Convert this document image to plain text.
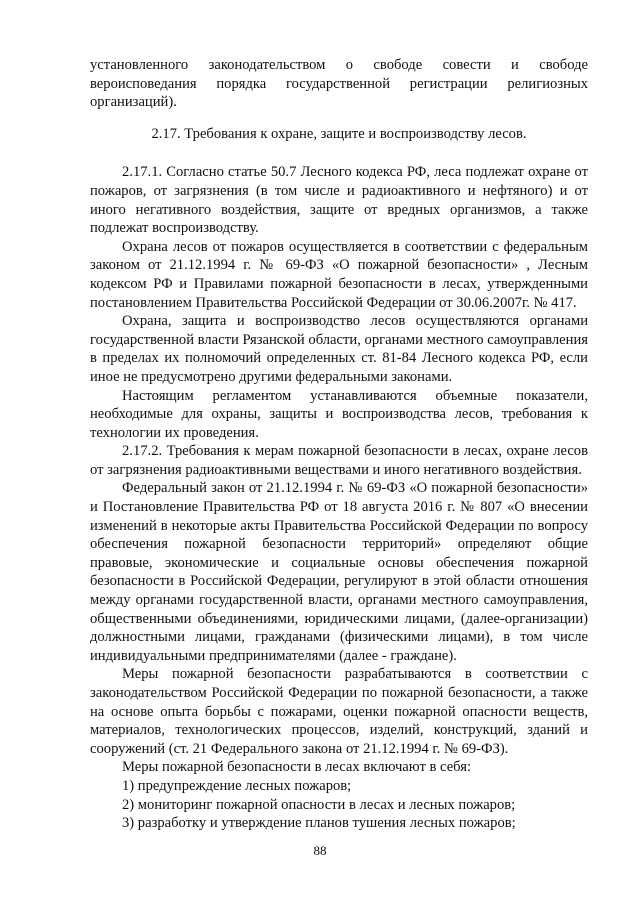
установленного законодательством о свободе совести и свободе вероисповедания порядка государственной регистрации религиозных организаций).

2.17. Требования к охране, защите и воспроизводству лесов.

2.17.1. Согласно статье 50.7 Лесного кодекса РФ, леса подлежат охране от пожаров, от загрязнения (в том числе и радиоактивного и нефтяного) и от иного негативного воздействия, защите от вредных организмов, а также подлежат воспроизводству.

Охрана лесов от пожаров осуществляется в соответствии с федеральным законом от 21.12.1994 г. № 69-ФЗ «О пожарной безопасности» , Лесным кодексом РФ и Правилами пожарной безопасности в лесах, утвержденными постановлением Правительства Российской Федерации от 30.06.2007г. № 417.

Охрана, защита и воспроизводство лесов осуществляются органами государственной власти Рязанской области, органами местного самоуправления в пределах их полномочий определенных ст. 81-84 Лесного кодекса РФ, если иное не предусмотрено другими федеральными законами.

Настоящим регламентом устанавливаются объемные показатели, необходимые для охраны, защиты и воспроизводства лесов, требования к технологии их проведения.

2.17.2. Требования к мерам пожарной безопасности в лесах, охране лесов от загрязнения радиоактивными веществами и иного негативного воздействия.

Федеральный закон от 21.12.1994 г. № 69-ФЗ «О пожарной безопасности» и Постановление Правительства РФ от 18 августа 2016 г. № 807 «О внесении изменений в некоторые акты Правительства Российской Федерации по вопросу обеспечения пожарной безопасности территорий» определяют общие правовые, экономические и социальные основы обеспечения пожарной безопасности в Российской Федерации, регулируют в этой области отношения между органами государственной власти, органами местного самоуправления, общественными объединениями, юридическими лицами, (далее-организации) должностными лицами, гражданами (физическими лицами), в том числе индивидуальными предпринимателями (далее - граждане).

Меры пожарной безопасности разрабатываются в соответствии с законодательством Российской Федерации по пожарной безопасности, а также на основе опыта борьбы с пожарами, оценки пожарной опасности веществ, материалов, технологических процессов, изделий, конструкций, зданий и сооружений (ст. 21 Федерального закона от 21.12.1994 г. № 69-ФЗ).

Меры пожарной безопасности в лесах включают в себя:

1) предупреждение лесных пожаров;

2) мониторинг пожарной опасности в лесах и лесных пожаров;

3) разработку и утверждение планов тушения лесных пожаров;

88
